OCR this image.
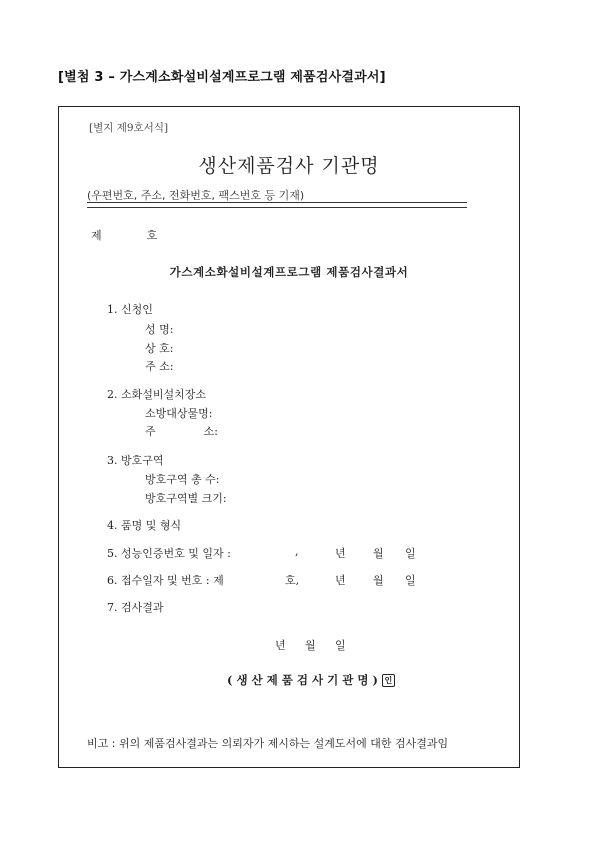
[별첨 3 – 가스계소화설비설계프로그램 제품검사결과서]
[별지 제9호서식]
생산제품검사 기관명
(우편번호, 주소, 전화번호, 팩스번호 등 기재)
제	호
가스계소화설비설계프로그램 제품검사결과서
1. 신청인
성 명:
상 호:
주 소:
2. 소화설비설치장소
소방대상물명:
주	소:
3. 방호구역
방호구역 총 수:
방호구역별 크기:
4. 품명 및 형식
5. 성능인증번호 및 일자 :	,	년 월 일
6. 접수일자 및 번호 : 제	호,	년 월 일
7. 검사결과
년 월 일
( 생 산 제 품 검 사 기 관 명 ) 인
비고 : 위의 제품검사결과는 의뢰자가 제시하는 설계도서에 대한 검사결과임
